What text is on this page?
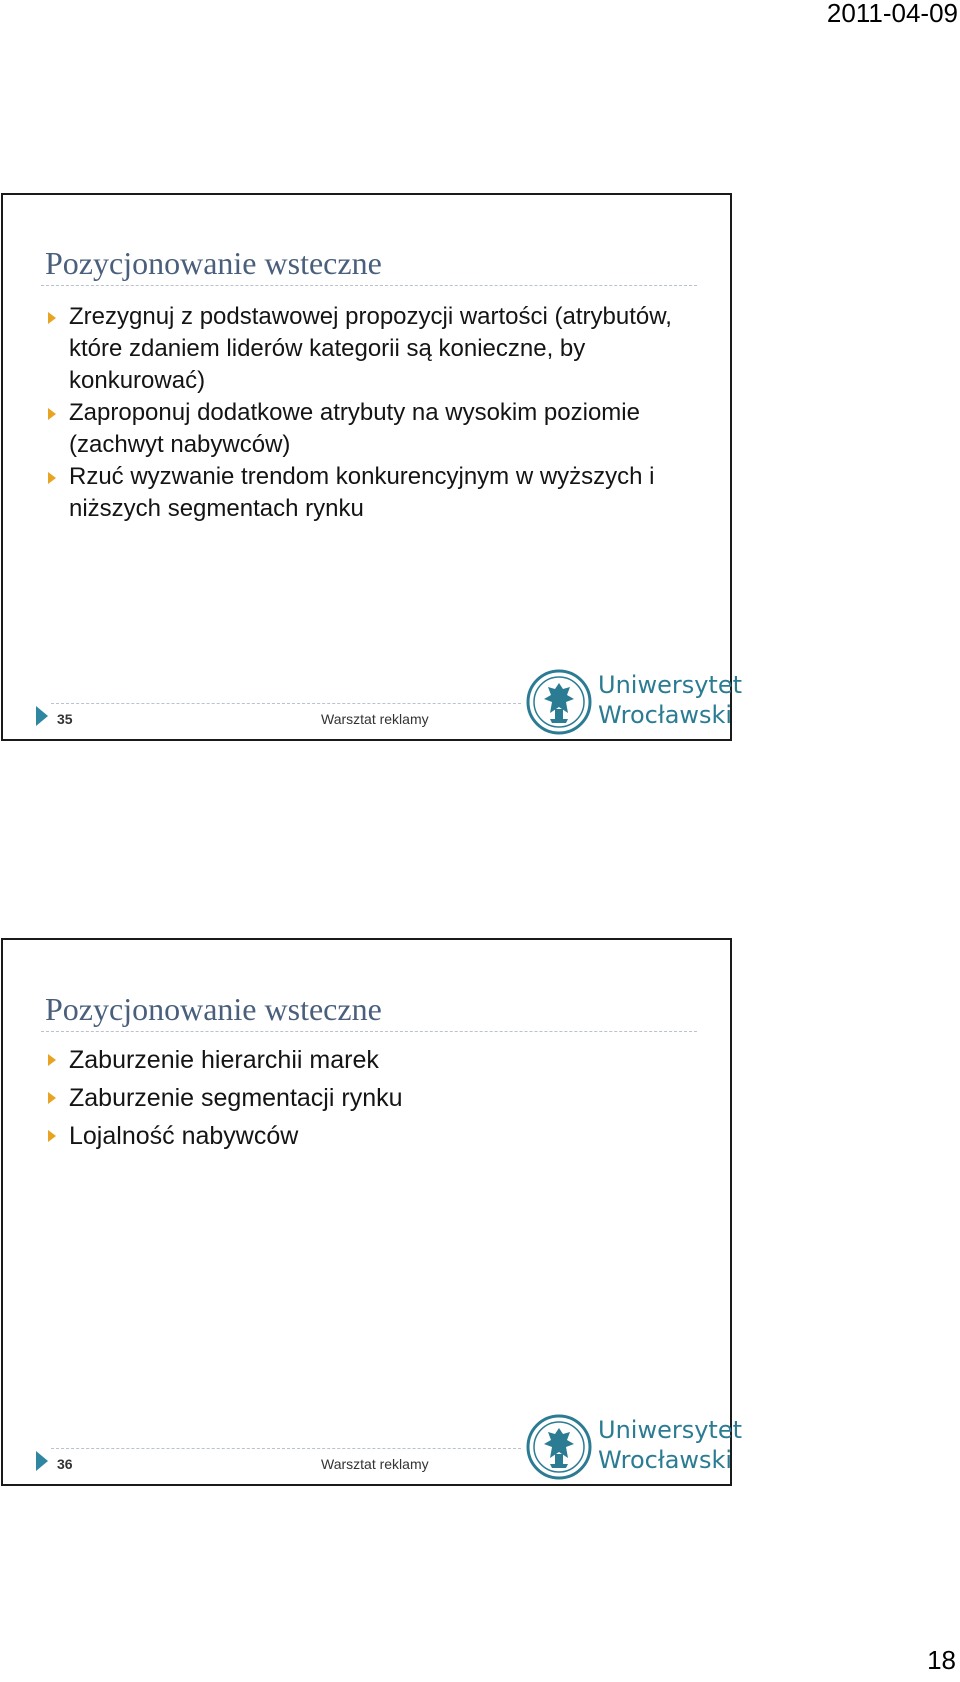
2011-04-09
Pozycjonowanie wsteczne
Zrezygnuj z podstawowej propozycji wartości (atrybutów, które zdaniem liderów kategorii są konieczne, by konkurować)
Zaproponuj dodatkowe atrybuty na wysokim poziomie (zachwyt nabywców)
Rzuć wyzwanie trendom konkurencyjnym w wyższych i niższych segmentach rynku
35	Warsztat reklamy
Uniwersytet
Wrocławski
Pozycjonowanie wsteczne
Zaburzenie hierarchii marek
Zaburzenie segmentacji rynku
Lojalność nabywców
36	Warsztat reklamy
Uniwersytet
Wrocławski
18
